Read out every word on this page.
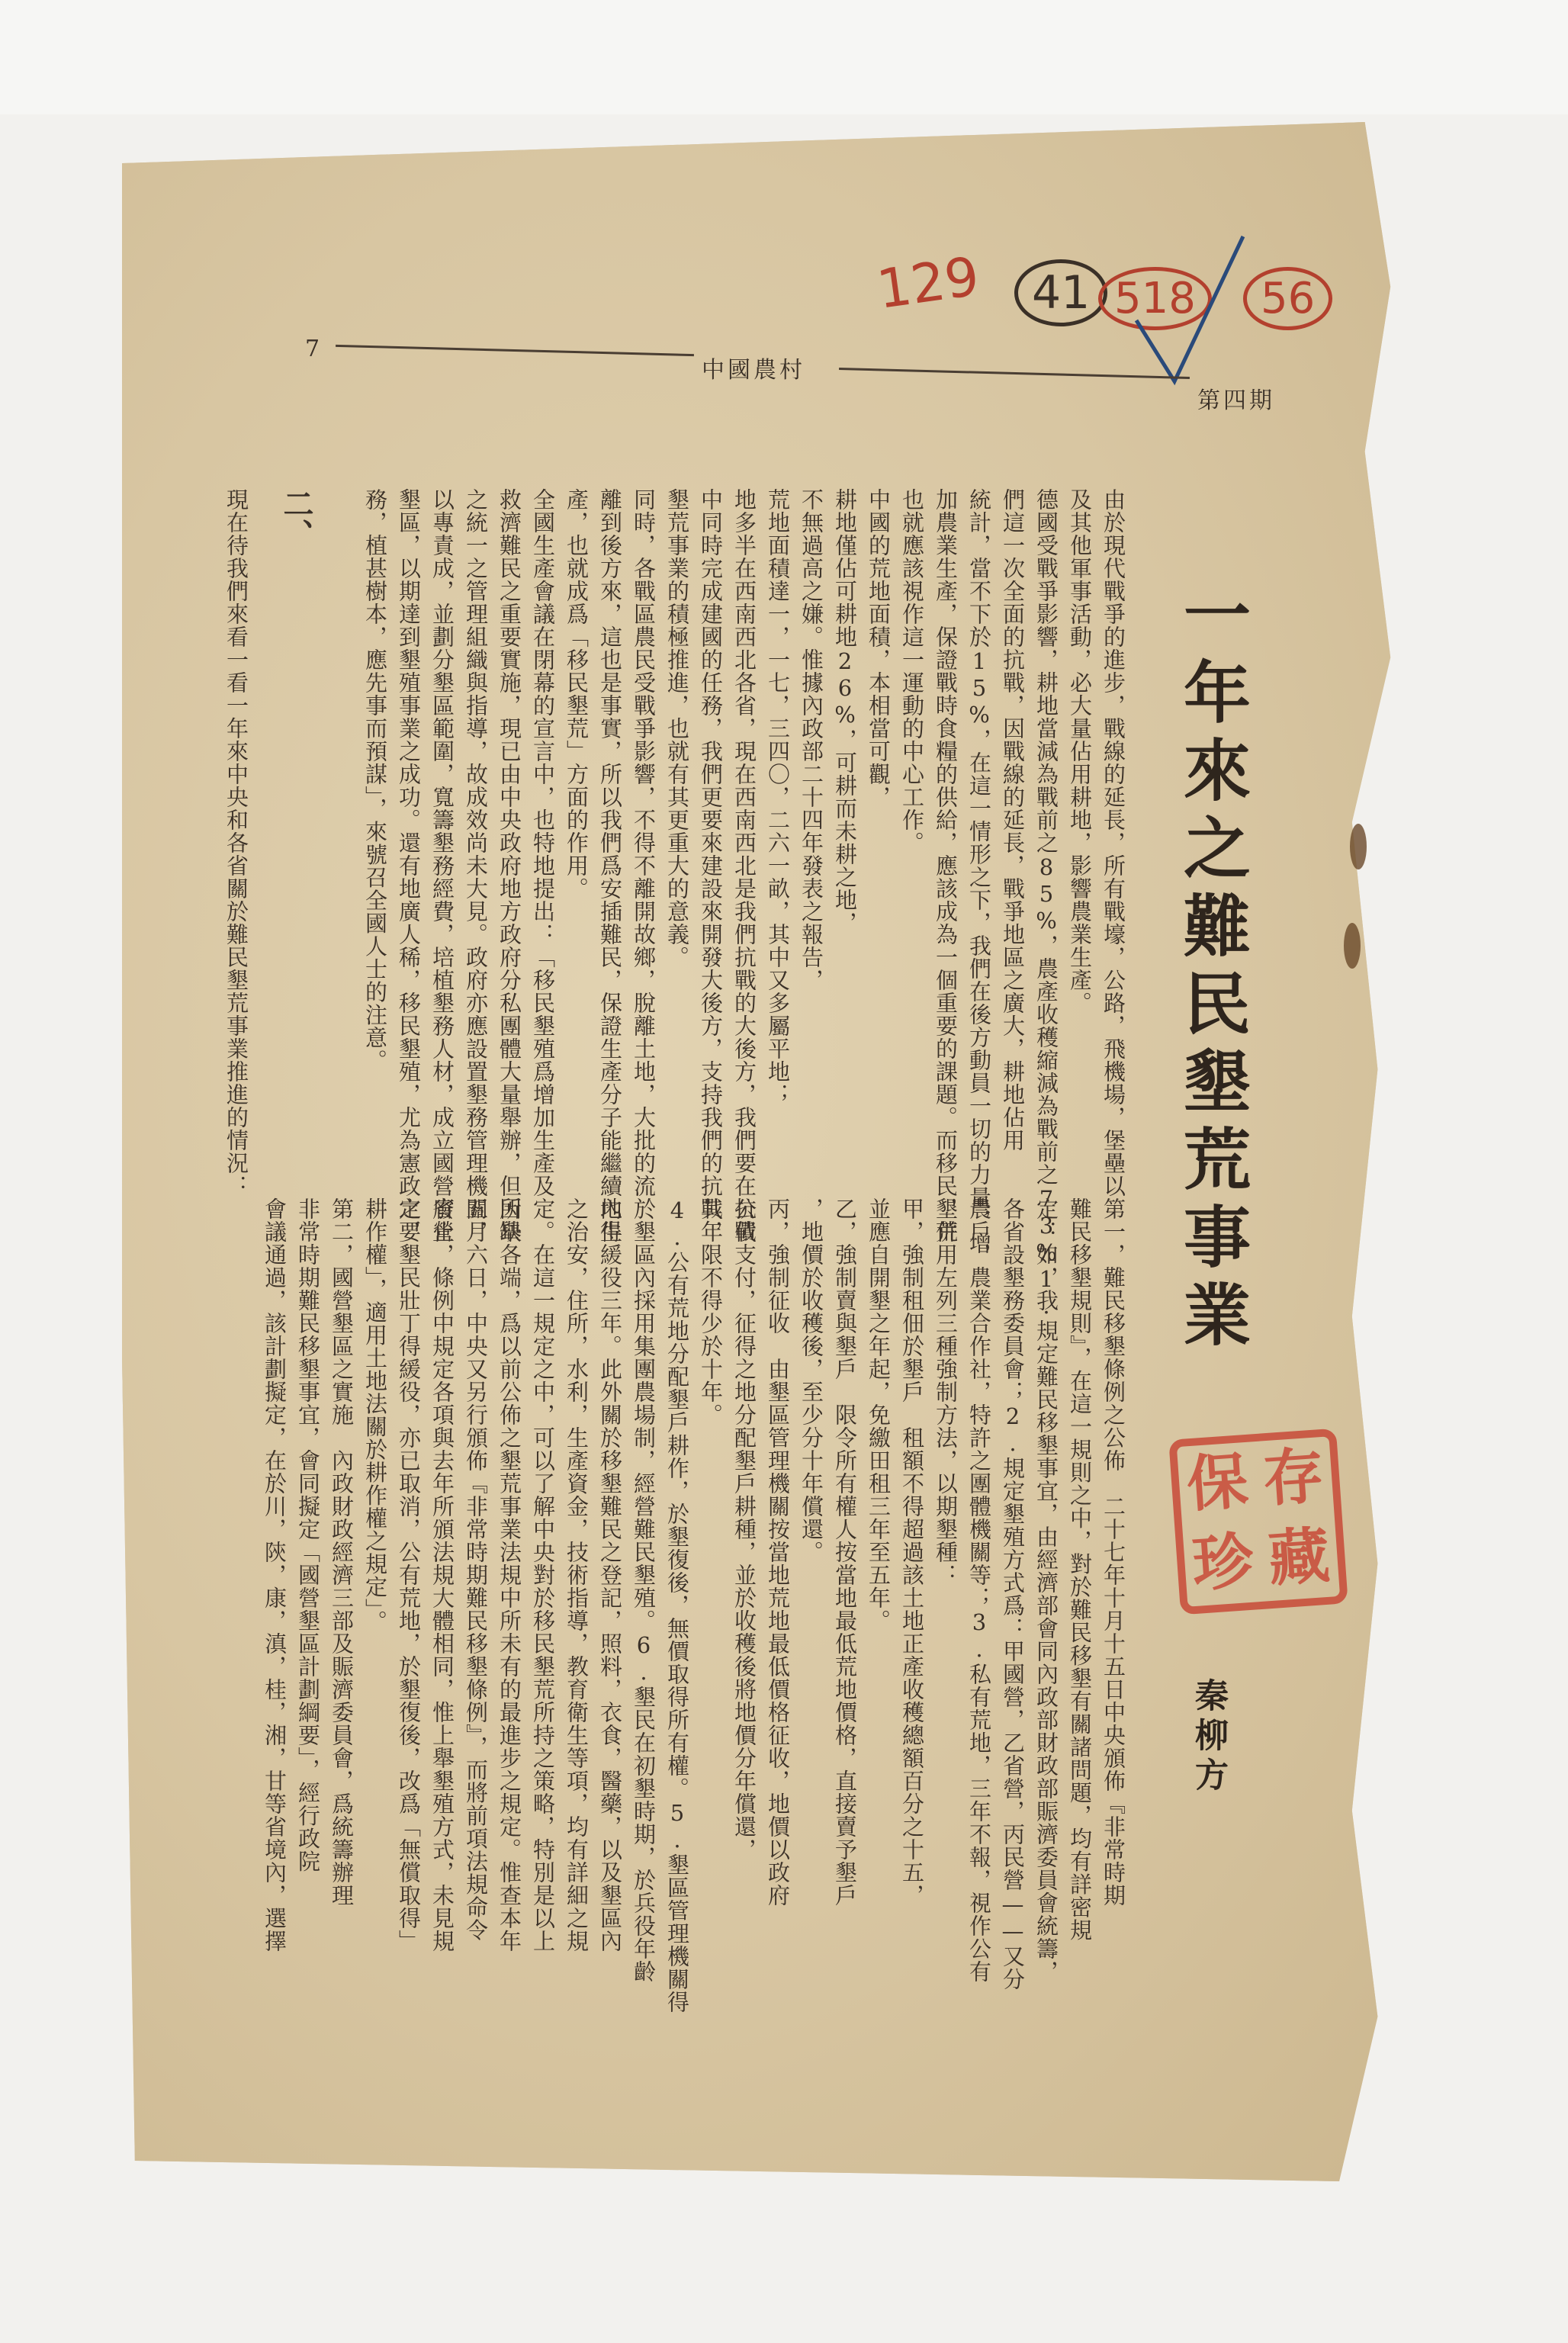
129	41 518	56
7
中國農村
第四期
一年來之難民墾荒事業
秦柳方
保 存
珍 藏
由於現代戰爭的進步，戰線的延長，所有戰壕，公路，飛機場，堡壘以
及其他軍事活動，必大量佔用耕地，影響農業生產。
德國受戰爭影響，耕地當減為戰前之85%，農產收穫縮減為戰前之73%，我
們這一次全面的抗戰，因戰線的延長，戰爭地區之廣大，耕地佔用
統計，當不下於15%，在這一情形之下，我們在後方動員一切的力量，增
加農業生產，保證戰時食糧的供給，應該成為一個重要的課題。而移民墾荒
也就應該視作這一運動的中心工作。
中國的荒地面積，本相當可觀，
耕地僅佔可耕地26%，可耕而未耕之地，
不無過高之嫌。惟據內政部二十四年發表之報告，
荒地面積達一，一七，三四〇，二六一畝，其中又多屬平地；
地多半在西南西北各省，現在西南西北是我們抗戰的大後方，我們要在抗戰
中同時完成建國的任務，我們更要來建設來開發大後方，支持我們的抗戰，
墾荒事業的積極推進，也就有其更重大的意義。
同時，各戰區農民受戰爭影響，不得不離開故鄉，脫離土地，大批的流
離到後方來，這也是事實，所以我們爲安插難民，保證生產分子能繼續地生
產，也就成爲「移民墾荒」方面的作用。
全國生產會議在閉幕的宣言中，也特地提出：「移民墾殖爲增加生產及
救濟難民之重要實施，現已由中央政府地方政府分私團體大量舉辦，但因缺
之統一之管理組織與指導，故成效尚未大見。政府亦應設置墾務管理機關，
以專責成，並劃分墾區範圍，寬籌墾務經費，培植墾務人材，成立國營省營
墾區，以期達到墾殖事業之成功。還有地廣人稀，移民墾殖，尤為憲政之要
務，植甚樹本，應先事而預謀」，來號召全國人士的注意。
第一，難民移墾條例之公佈　二十七年十月十五日中央頒佈『非常時期
難民移墾規則』，在這一規則之中，對於難民移墾有關諸問題，均有詳密規
定：如1.規定難民移墾事宜，由經濟部會同內政部財政部賑濟委員會統籌，
各省設墾務委員會；2.規定墾殖方式爲：甲國營，乙省營，丙民營——又分
農戶，農業合作社，特許之團體機關等；3.私有荒地，三年不報，視作公有
，併用左列三種強制方法，以期墾種：
甲，強制租佃於墾戶　租額不得超過該土地正產收穫總額百分之十五，
並應自開墾之年起，免繳田租三年至五年。
乙，強制賣與墾戶　限令所有權人按當地最低荒地價格，直接賣予墾戶
，地價於收穫後，至少分十年償還。
丙，強制征收　由墾區管理機關按當地荒地最低價格征收，地價以政府
公債支付，征得之地分配墾戶耕種，並於收穫後將地價分年償還，
其年限不得少於十年。
4.公有荒地分配墾戶耕作，於墾復後，無價取得所有權。5.墾區管理機關得
於墾區內採用集團農場制，經營難民墾殖。6.墾民在初墾時期，於兵役年齡
內得緩役三年。此外關於移墾難民之登記，照料，衣食，醫藥，以及墾區內
之治安，住所，水利，生產資金，技術指導，教育衛生等項，均有詳細之規
定。在這一規定之中，可以了解中央對於移民墾荒所持之策略，特別是以上
所舉各端，爲以前公佈之墾荒事業法規中所未有的最進步之規定。惟查本年
五月六日，中央又另行頒佈『非常時期難民移墾條例』，而將前項法規命令
廢止，條例中規定各項與去年所頒法規大體相同，惟上舉墾殖方式，未見規
定，墾民壯丁得緩役，亦已取消，公有荒地，於墾復後，改爲「無償取得」
耕作權」，適用土地法關於耕作權之規定」。
第二，國營墾區之實施　內政財政經濟三部及賑濟委員會，爲統籌辦理
非常時期難民移墾事宜，會同擬定「國營墾區計劃綱要」，經行政院
會議通過，該計劃擬定，在於川，陝，康，滇，桂，湘，甘等省境內，選擇
二、
現在待我們來看一看一年來中央和各省關於難民墾荒事業推進的情況：
